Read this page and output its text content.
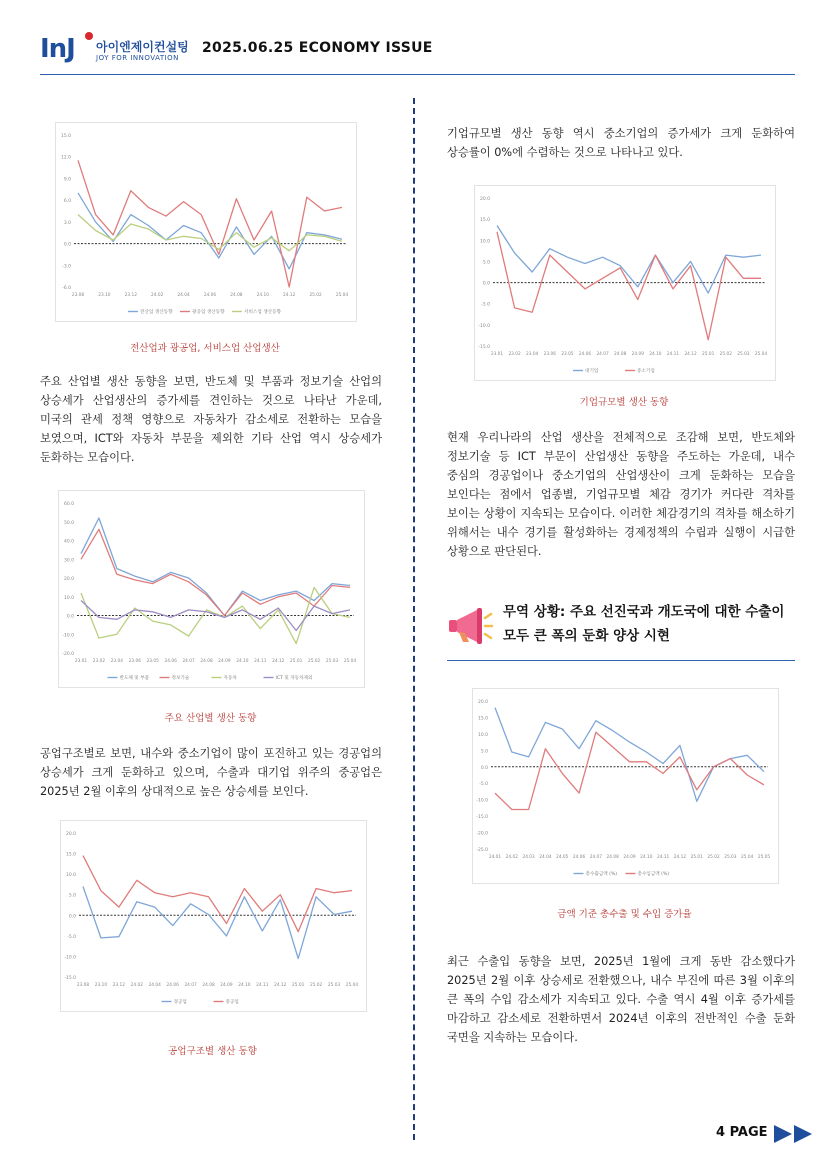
InJ 아이엔제이컨설팅
JOY FOR INNOVATION
2025.06.25 ECONOMY ISSUE
15.0
12.0
9.0
6.0
3.0
0.0
-3.0
-6.0
23.08	23.10	23.12	24.02	24.04	24.06	24.08	24.10	24.12	25.02	25.04
전산업 생산동향	광공업 생산동향	서비스업 생산동향
전산업과 광공업, 서비스업 산업생산
주요 산업별 생산 동향을 보면, 반도체 및 부품과 정보기술 산업의 상승세가 산업생산의 증가세를 견인하는 것으로 나타난 가운데, 미국의 관세 정책 영향으로 자동차가 감소세로 전환하는 모습을 보였으며, ICT와 자동차 부문을 제외한 기타 산업 역시 상승세가 둔화하는 모습이다.
60.0
50.0
40.0
30.0
20.0
10.0
0.0
-10.0
-20.0
23.01 23.02 23.04 23.06 23.05 24.06 24.07 24.08 24.09 24.10 24.11 24.12 25.01 25.02 25.03 25.04
반도체 및 부품	정보기술	자동차	ICT 및 자동차제외
주요 산업별 생산 동향
공업구조별로 보면, 내수와 중소기업이 많이 포진하고 있는 경공업의 상승세가 크게 둔화하고 있으며, 수출과 대기업 위주의 중공업은 2025년 2월 이후의 상대적으로 높은 상승세를 보인다.
20.0
15.0
10.0
5.0
0.0
-5.0
-10.0
-15.0
23.08 23.10 23.12 24.02 24.04 24.06 24.07 24.08 24.09 24.10 24.11 24.12 25.01 25.02 25.03 25.04
경공업	중공업
공업구조별 생산 동향
기업규모별 생산 동향 역시 중소기업의 증가세가 크게 둔화하여 상승률이 0%에 수렴하는 것으로 나타나고 있다.
20.0
15.0
10.0
5.0
0.0
-5.0
-10.0
-15.0
23.01 23.02 23.04 23.06 23.05 24.06 24.07 24.08 24.09 24.10 24.11 24.12 25.01 25.02 25.03 25.04
대기업	중소기업
기업규모별 생산 동향
현재 우리나라의 산업 생산을 전체적으로 조감해 보면, 반도체와 정보기술 등 ICT 부문이 산업생산 동향을 주도하는 가운데, 내수 중심의 경공업이나 중소기업의 산업생산이 크게 둔화하는 모습을 보인다는 점에서 업종별, 기업규모별 체감 경기가 커다란 격차를 보이는 상황이 지속되는 모습이다. 이러한 체감경기의 격차를 해소하기 위해서는 내수 경기를 활성화하는 경제정책의 수립과 실행이 시급한 상황으로 판단된다.
무역 상황: 주요 선진국과 개도국에 대한 수출이 모두 큰 폭의 둔화 양상 시현
20.0
15.0
10.0
5.0
0.0
-5.0
-10.0
-15.0
-20.0
-25.0
24.01 24.02 24.03 24.04 24.05 24.06 24.07 24.08 24.09 24.10 24.11 24.12 25.01 25.02 25.03 25.04 25.05
총수출금액 (%)	총수입금액 (%)
금액 기준 총수출 및 수입 증가율
최근 수출입 동향을 보면, 2025년 1월에 크게 동반 감소했다가 2025년 2월 이후 상승세로 전환했으나, 내수 부진에 따른 3월 이후의 큰 폭의 수입 감소세가 지속되고 있다. 수출 역시 4월 이후 증가세를 마감하고 감소세로 전환하면서 2024년 이후의 전반적인 수출 둔화 국면을 지속하는 모습이다.
4 PAGE
